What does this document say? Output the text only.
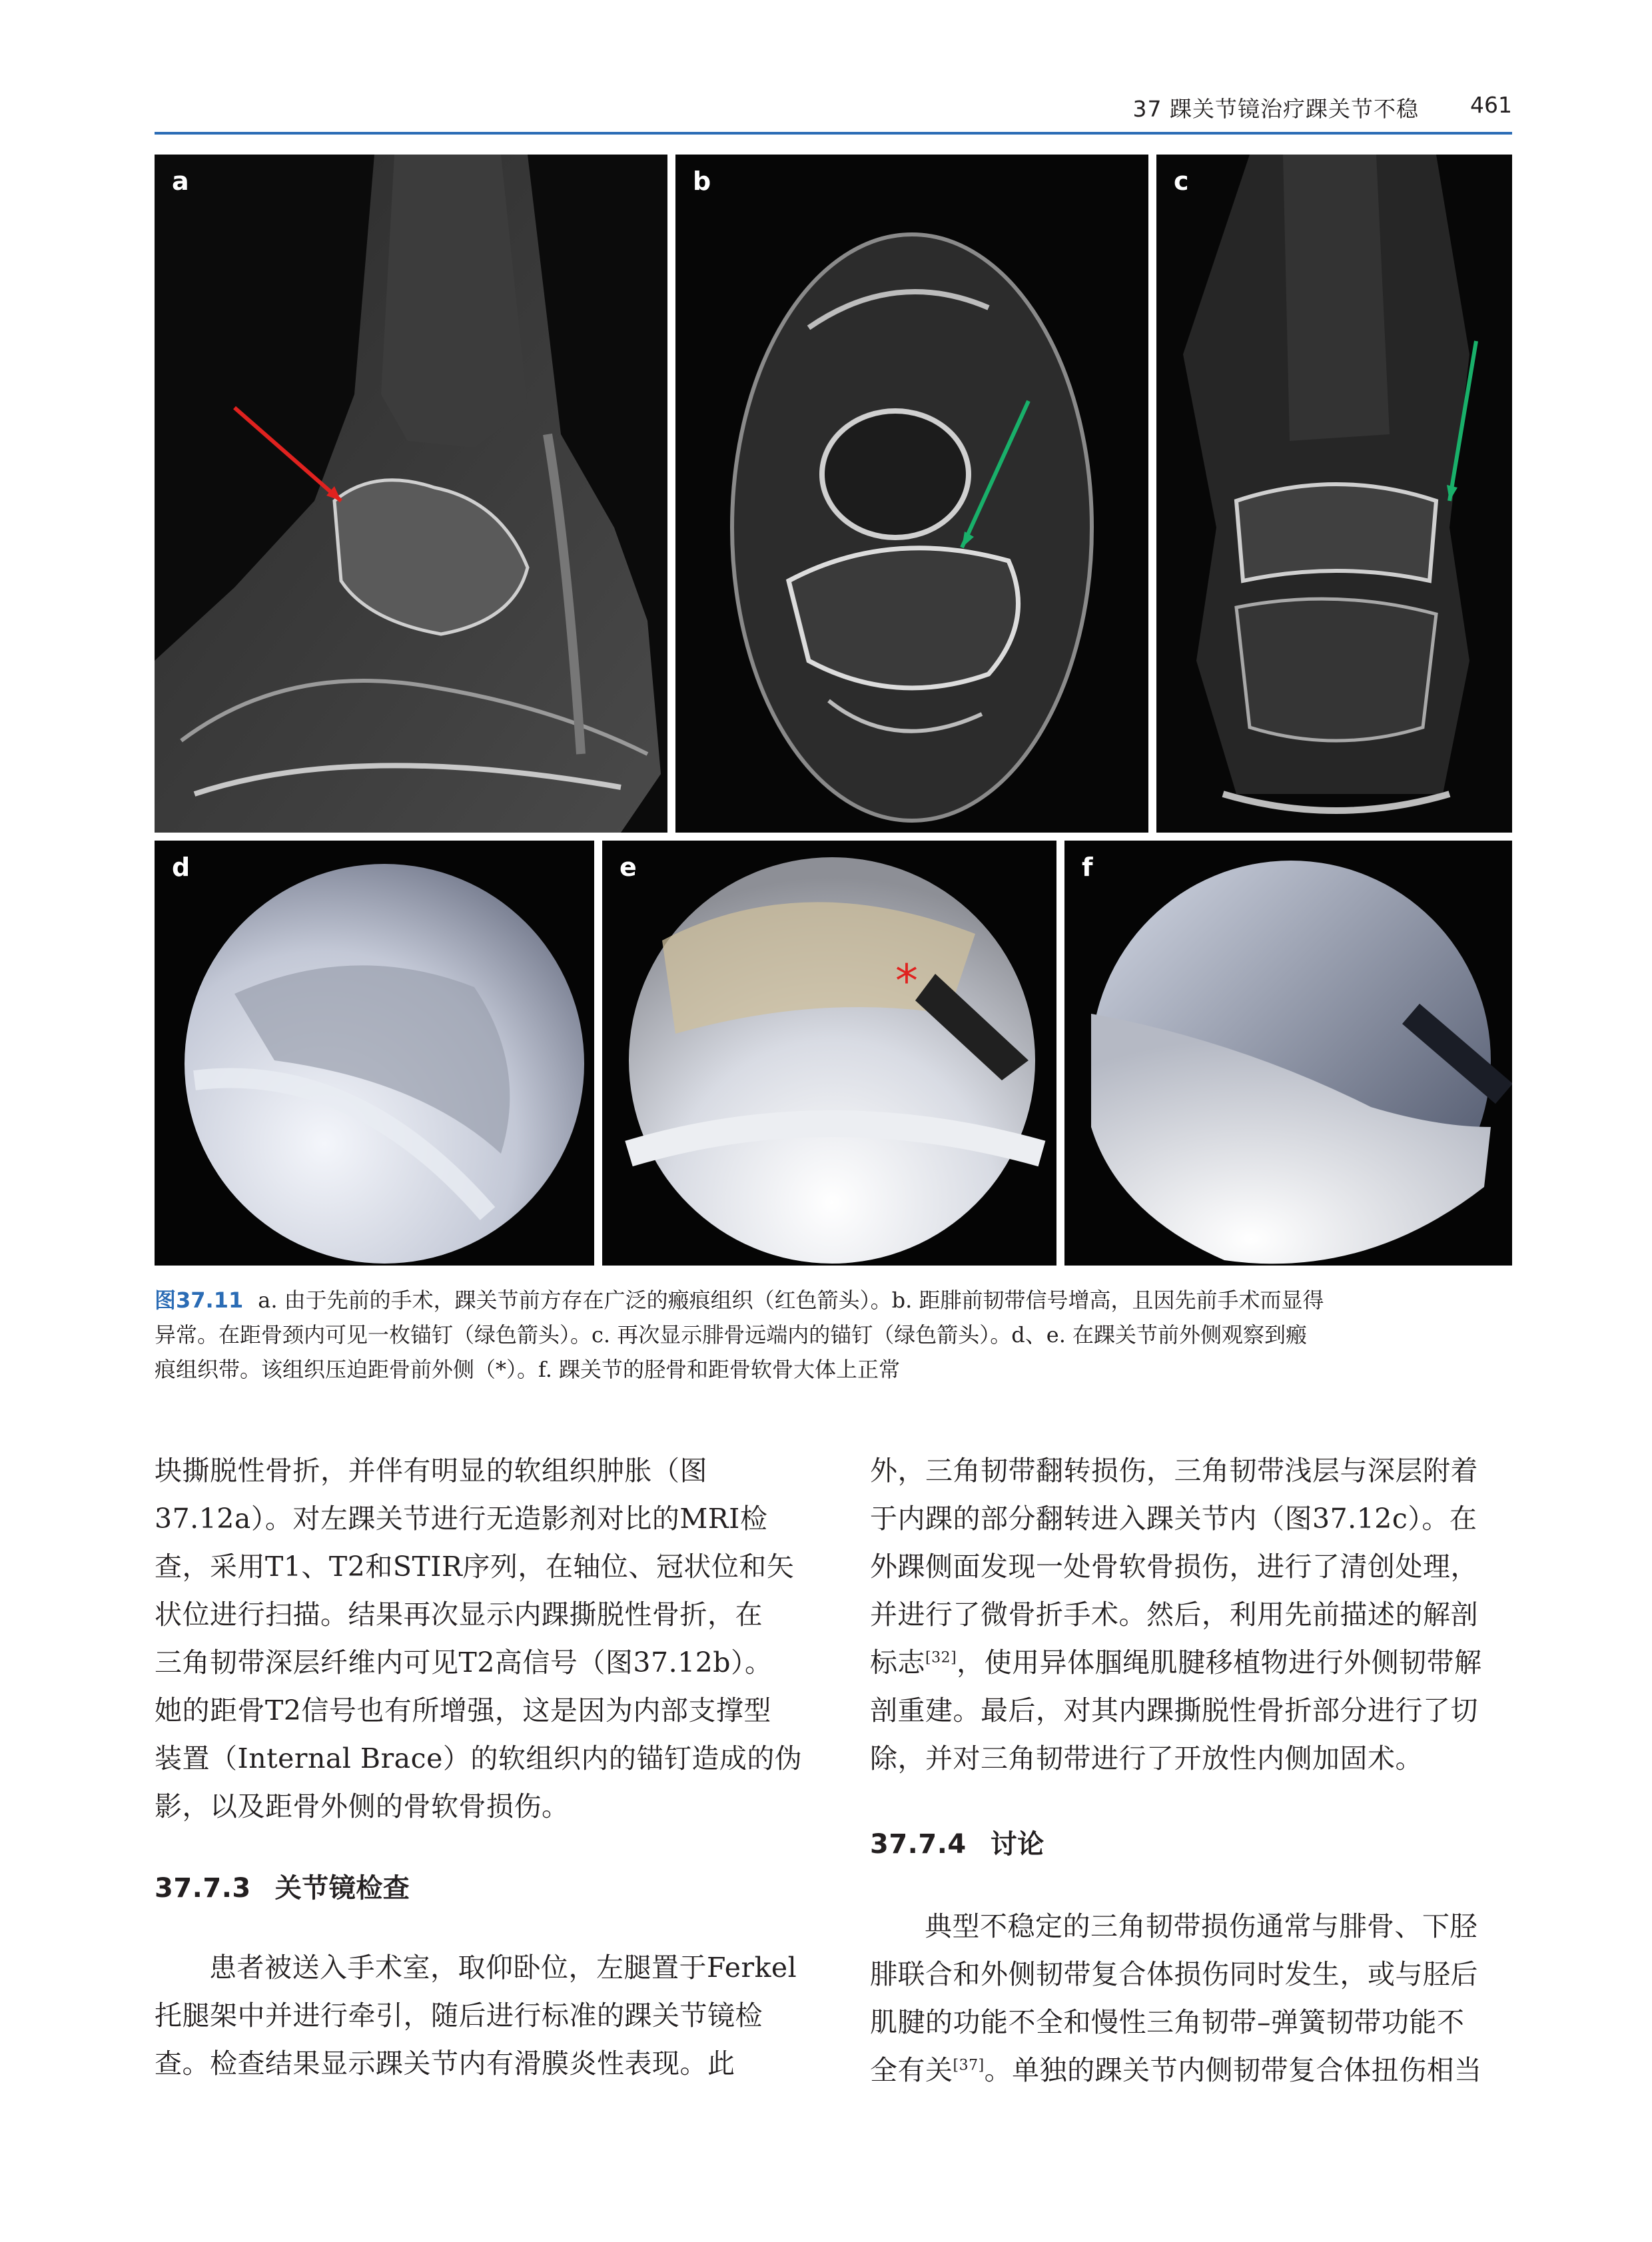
37 踝关节镜治疗踝关节不稳 461
a	b	c
d	e
*
f
图37.11 a. 由于先前的手术，踝关节前方存在广泛的瘢痕组织（红色箭头）。b. 距腓前韧带信号增高，且因先前手术而显得
异常。在距骨颈内可见一枚锚钉（绿色箭头）。c. 再次显示腓骨远端内的锚钉（绿色箭头）。d、e. 在踝关节前外侧观察到瘢
痕组织带。该组织压迫距骨前外侧（*）。f. 踝关节的胫骨和距骨软骨大体上正常
块撕脱性骨折，并伴有明显的软组织肿胀（图
37.12a）。对左踝关节进行无造影剂对比的MRI检
查，采用T1、T2和STIR序列，在轴位、冠状位和矢
状位进行扫描。结果再次显示内踝撕脱性骨折，在
三角韧带深层纤维内可见T2高信号（图37.12b）。
她的距骨T2信号也有所增强，这是因为内部支撑型
装置（Internal Brace）的软组织内的锚钉造成的伪
影，以及距骨外侧的骨软骨损伤。
37.7.3 关节镜检查
患者被送入手术室，取仰卧位，左腿置于Ferkel
托腿架中并进行牵引，随后进行标准的踝关节镜检
查。检查结果显示踝关节内有滑膜炎性表现。此
外，三角韧带翻转损伤，三角韧带浅层与深层附着
于内踝的部分翻转进入踝关节内（图37.12c）。在
外踝侧面发现一处骨软骨损伤，进行了清创处理，
并进行了微骨折手术。然后，利用先前描述的解剖
标志[32]，使用异体腘绳肌腱移植物进行外侧韧带解
剖重建。最后，对其内踝撕脱性骨折部分进行了切
除，并对三角韧带进行了开放性内侧加固术。
37.7.4 讨论
典型不稳定的三角韧带损伤通常与腓骨、下胫
腓联合和外侧韧带复合体损伤同时发生，或与胫后
肌腱的功能不全和慢性三角韧带–弹簧韧带功能不
全有关[37]。单独的踝关节内侧韧带复合体扭伤相当
